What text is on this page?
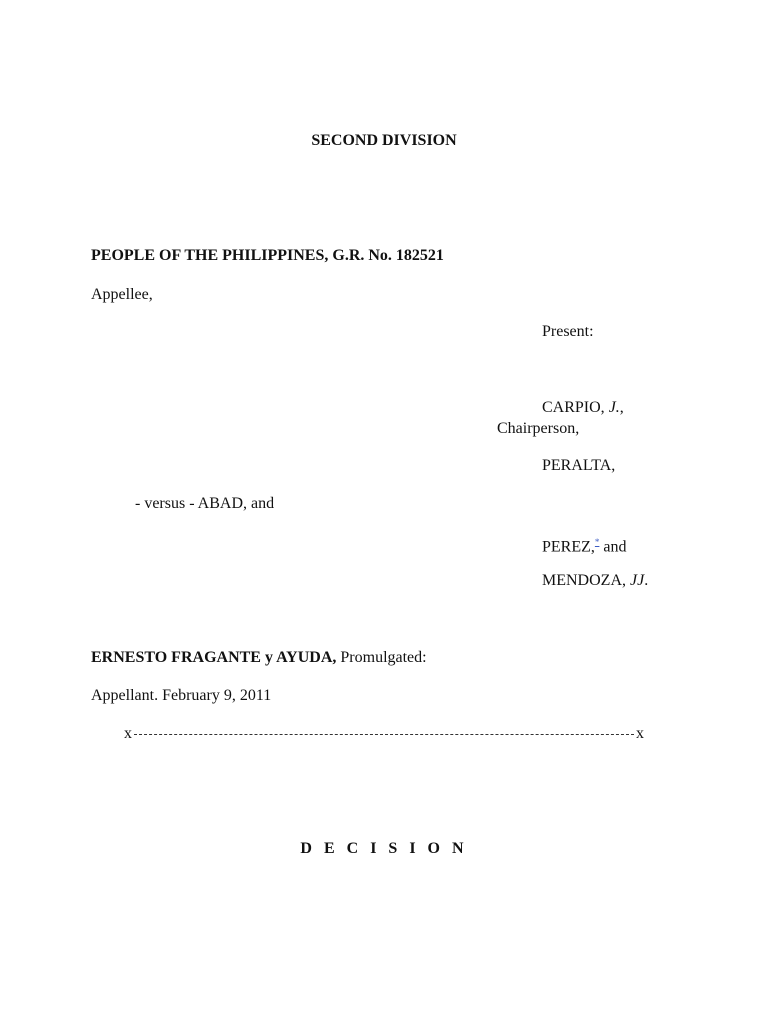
SECOND DIVISION
PEOPLE OF THE PHILIPPINES, G.R. No. 182521
Appellee,
Present:
CARPIO, J.,
Chairperson,
PERALTA,
- versus - ABAD, and
PEREZ,* and
MENDOZA, JJ.
ERNESTO FRAGANTE y AYUDA, Promulgated:
Appellant. February 9, 2011
x	x
D E C I S I O N
